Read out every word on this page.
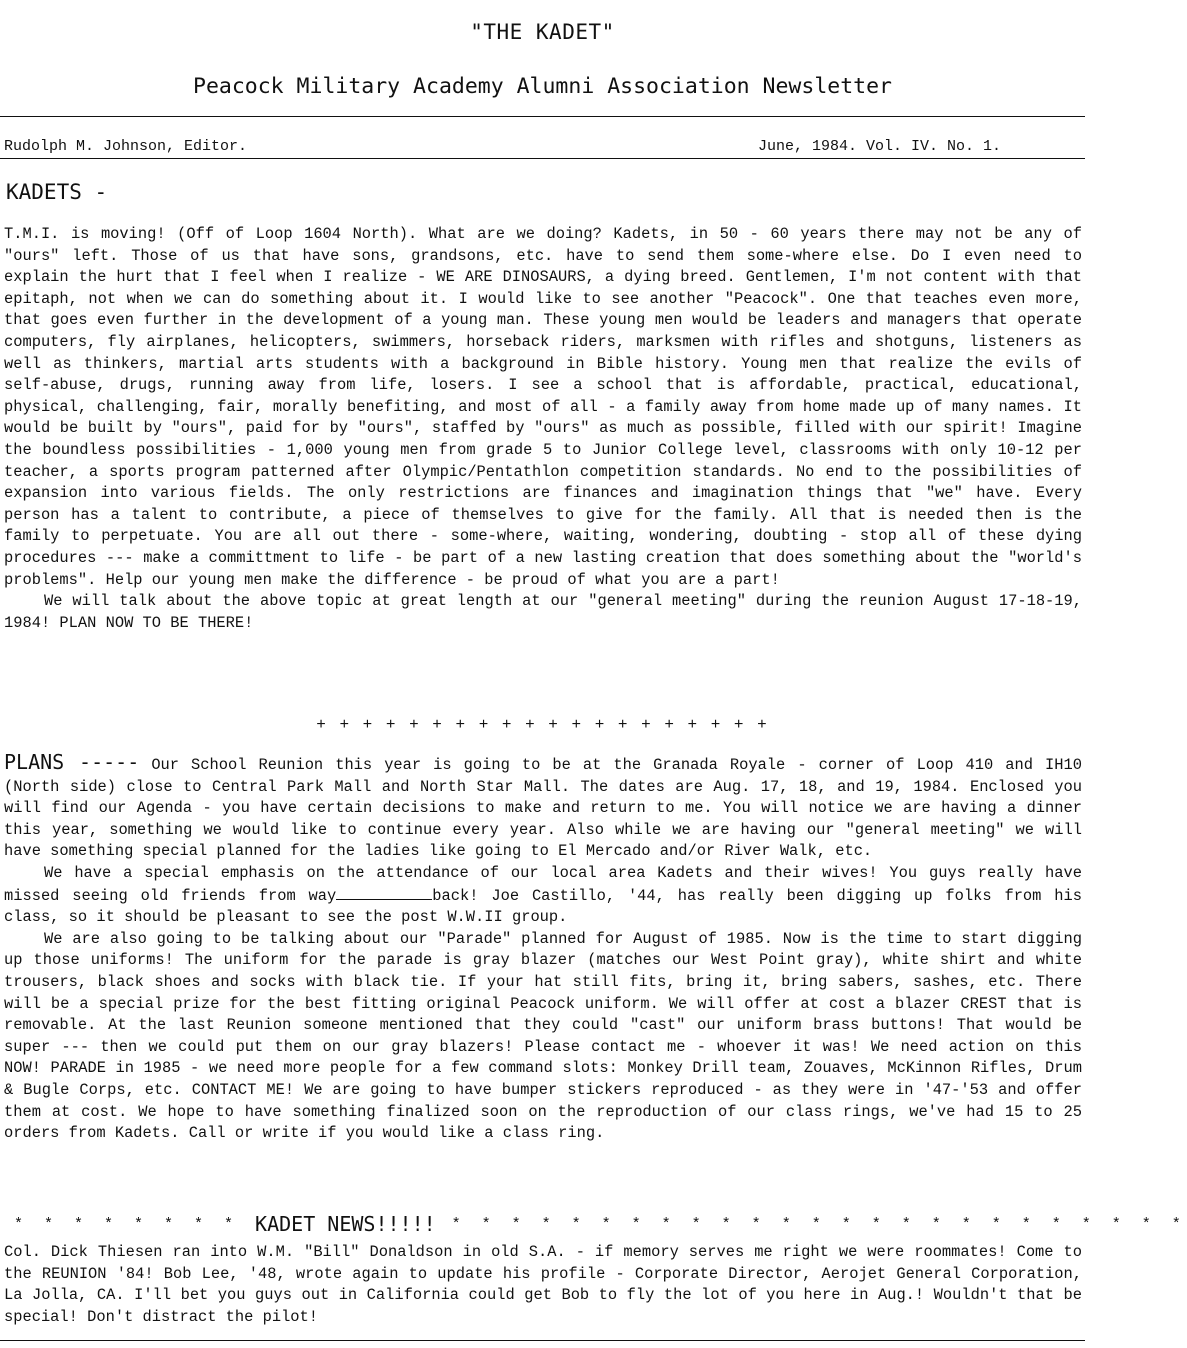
"THE KADET"
Peacock Military Academy Alumni Association Newsletter
Rudolph M. Johnson, Editor.	June, 1984. Vol. IV. No. 1.
KADETS -

T.M.I. is moving! (Off of Loop 1604 North). What are we doing? Kadets, in 50 - 60 years there may not be any of "ours" left. Those of us that have sons, grandsons, etc. have to send them some-where else. Do I even need to explain the hurt that I feel when I realize - WE ARE DINOSAURS, a dying breed. Gentlemen, I'm not content with that epitaph, not when we can do something about it. I would like to see another "Peacock". One that teaches even more, that goes even further in the development of a young man. These young men would be leaders and managers that operate computers, fly airplanes, helicopters, swimmers, horseback riders, marksmen with rifles and shotguns, listeners as well as thinkers, martial arts students with a background in Bible history. Young men that realize the evils of self-abuse, drugs, running away from life, losers. I see a school that is affordable, practical, educational, physical, challenging, fair, morally benefiting, and most of all - a family away from home made up of many names. It would be built by "ours", paid for by "ours", staffed by "ours" as much as possible, filled with our spirit! Imagine the boundless possibilities - 1,000 young men from grade 5 to Junior College level, classrooms with only 10-12 per teacher, a sports program patterned after Olympic/Pentathlon competition standards. No end to the possibilities of expansion into various fields. The only restrictions are finances and imagination things that "we" have. Every person has a talent to contribute, a piece of themselves to give for the family. All that is needed then is the family to perpetuate. You are all out there - some-where, waiting, wondering, doubting - stop all of these dying procedures --- make a committment to life - be part of a new lasting creation that does something about the "world's problems". Help our young men make the difference - be proud of what you are a part!
We will talk about the above topic at great length at our "general meeting" during the reunion August 17-18-19, 1984! PLAN NOW TO BE THERE!

+ + + + + + + + + + + + + + + + + + + +

PLANS ----- Our School Reunion this year is going to be at the Granada Royale - corner of Loop 410 and IH10 (North side) close to Central Park Mall and North Star Mall. The dates are Aug. 17, 18, and 19, 1984. Enclosed you will find our Agenda - you have certain decisions to make and return to me. You will notice we are having a dinner this year, something we would like to continue every year. Also while we are having our "general meeting" we will have something special planned for the ladies like going to El Mercado and/or River Walk, etc.
We have a special emphasis on the attendance of our local area Kadets and their wives! You guys really have missed seeing old friends from way	back! Joe Castillo, '44, has really been digging up folks from his class, so it should be pleasant to see the post W.W.II group.
We are also going to be talking about our "Parade" planned for August of 1985. Now is the time to start digging up those uniforms! The uniform for the parade is gray blazer (matches our West Point gray), white shirt and white trousers, black shoes and socks with black tie. If your hat still fits, bring it, bring sabers, sashes, etc. There will be a special prize for the best fitting original Peacock uniform. We will offer at cost a blazer CREST that is removable. At the last Reunion someone mentioned that they could "cast" our uniform brass buttons! That would be super --- then we could put them on our gray blazers! Please contact me - whoever it was! We need action on this NOW! PARADE in 1985 - we need more people for a few command slots: Monkey Drill team, Zouaves, McKinnon Rifles, Drum & Bugle Corps, etc. CONTACT ME! We are going to have bumper stickers reproduced - as they were in '47-'53 and offer them at cost. We hope to have something finalized soon on the reproduction of our class rings, we've had 15 to 25 orders from Kadets. Call or write if you would like a class ring.

* * * * * * * * KADET NEWS!!!!! * * * * * * * * * * * * * * * * * * * * * * * * *

Col. Dick Thiesen ran into W.M. "Bill" Donaldson in old S.A. - if memory serves me right we were roommates! Come to the REUNION '84! Bob Lee, '48, wrote again to update his profile - Corporate Director, Aerojet General Corporation, La Jolla, CA. I'll bet you guys out in California could get Bob to fly the lot of you here in Aug.! Wouldn't that be special! Don't distract the pilot!
